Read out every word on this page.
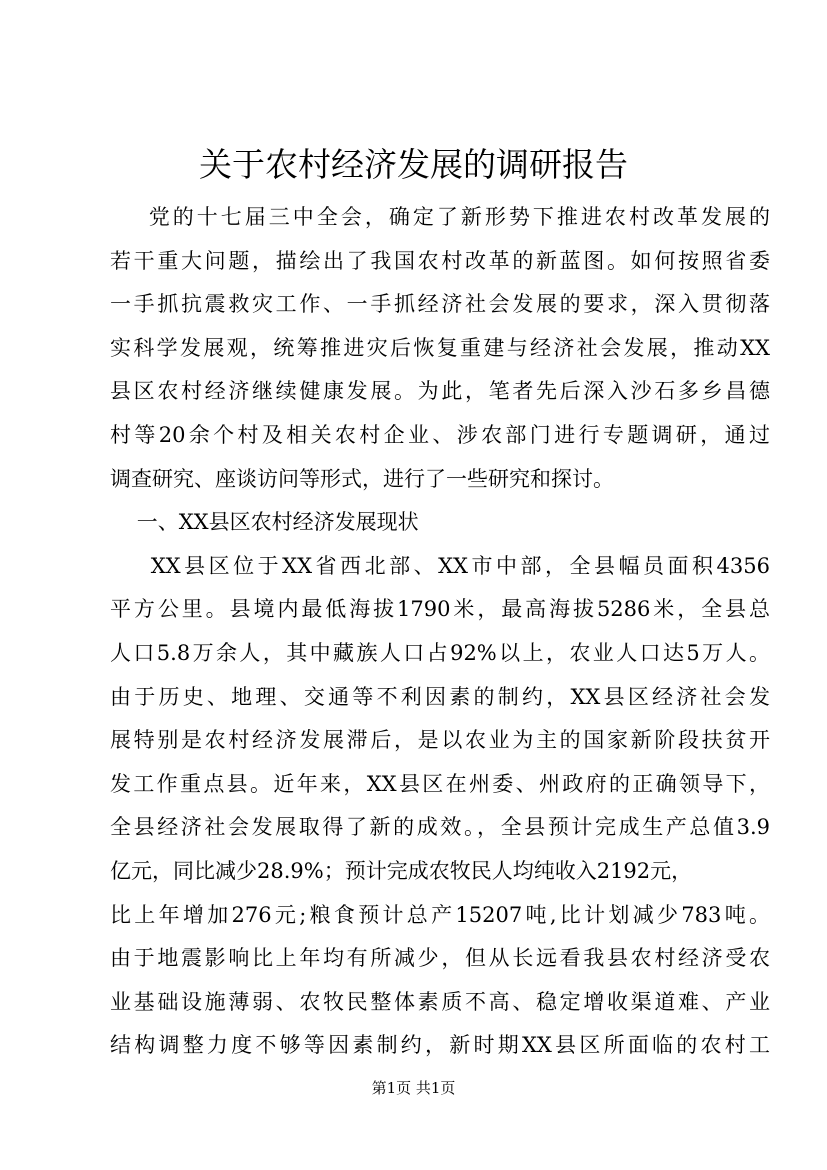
关于农村经济发展的调研报告
党的十七届三中全会，确定了新形势下推进农村改革发展的
若干重大问题，描绘出了我国农村改革的新蓝图。如何按照省委
一手抓抗震救灾工作、一手抓经济社会发展的要求，深入贯彻落
实科学发展观，统筹推进灾后恢复重建与经济社会发展，推动XX
县区农村经济继续健康发展。为此，笔者先后深入沙石多乡昌德
村等20余个村及相关农村企业、涉农部门进行专题调研，通过
调查研究、座谈访问等形式，进行了一些研究和探讨。
一、XX县区农村经济发展现状
XX县区位于XX省西北部、XX市中部，全县幅员面积4356
平方公里。县境内最低海拔1790米，最高海拔5286米，全县总
人口5.8万余人，其中藏族人口占92%以上，农业人口达5万人。
由于历史、地理、交通等不利因素的制约，XX县区经济社会发
展特别是农村经济发展滞后，是以农业为主的国家新阶段扶贫开
发工作重点县。近年来，XX县区在州委、州政府的正确领导下，
全县经济社会发展取得了新的成效。，全县预计完成生产总值3.9
亿元，同比减少28.9%；预计完成农牧民人均纯收入2192元，
比上年增加276元;粮食预计总产15207吨,比计划减少783吨。
由于地震影响比上年均有所减少，但从长远看我县农村经济受农
业基础设施薄弱、农牧民整体素质不高、稳定增收渠道难、产业
结构调整力度不够等因素制约，新时期XX县区所面临的农村工
第1页 共1页
